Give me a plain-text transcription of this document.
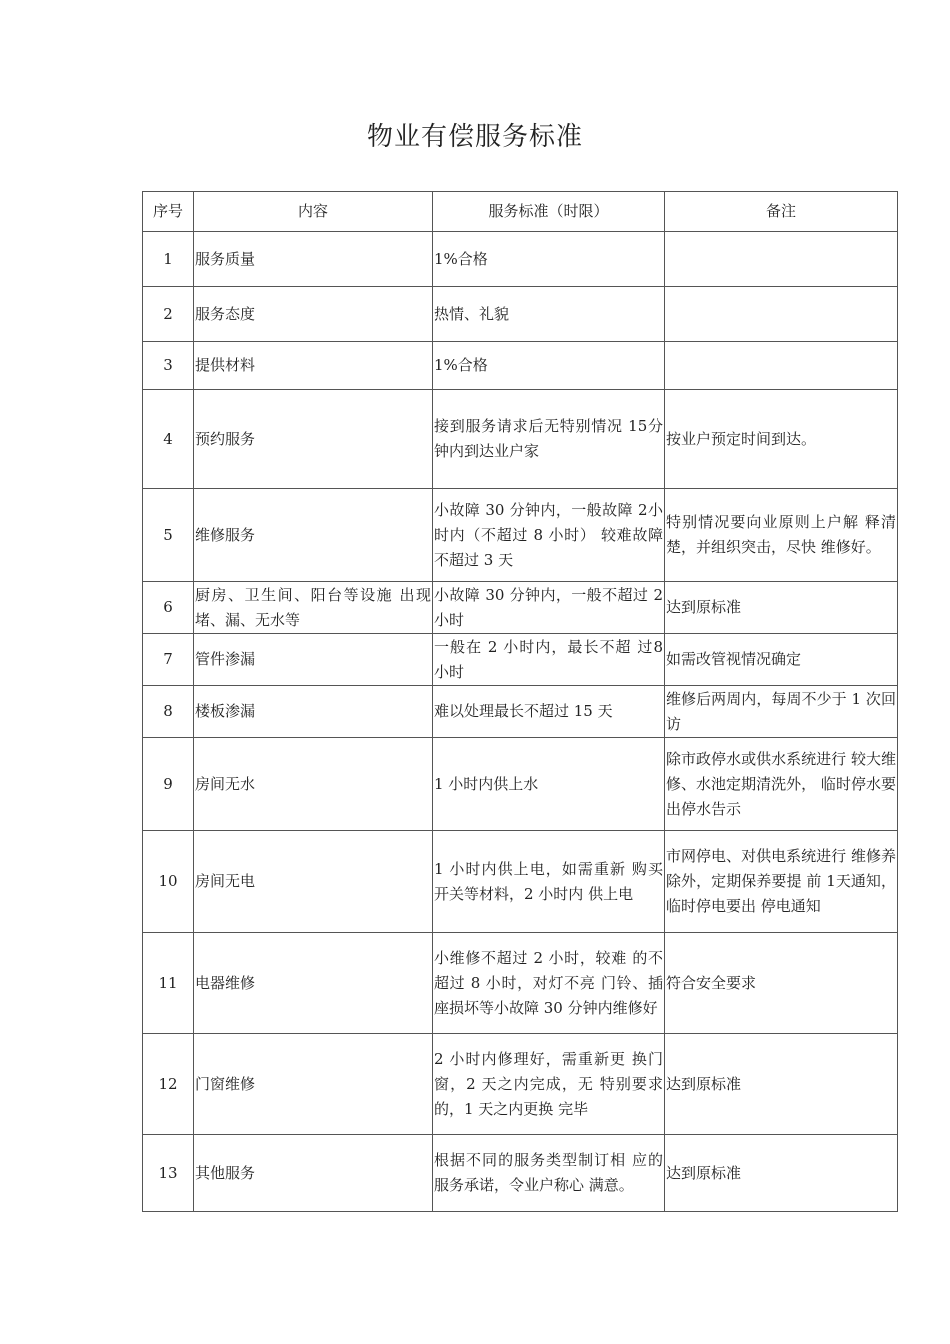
物业有偿服务标准
序号	内容	服务标准（时限）	备注
1	服务质量	1%合格	
2	服务态度	热情、礼貌	
3	提供材料	1%合格	
4	预约服务	接到服务请求后无特别情况 15分钟内到达业户家	按业户预定时间到达。
5	维修服务	小故障 30 分钟内，一般故障 2小时内（不超过 8 小时） 较难故障不超过 3 天	特别情况要向业原则上户解 释清楚，并组织突击，尽快 维修好。
6	厨房、卫生间、阳台等设施 出现堵、漏、无水等	小故障 30 分钟内，一般不超过 2 小时	达到原标准
7	管件渗漏	一般在 2 小时内，最长不超 过8 小时	如需改管视情况确定
8	楼板渗漏	难以处理最长不超过 15 天	维修后两周内，每周不少于 1 次回访
9	房间无水	1 小时内供上水	除市政停水或供水系统进行 较大维修、水池定期清洗外， 临时停水要出停水告示
10	房间无电	1 小时内供上电，如需重新 购买开关等材料，2 小时内 供上电	市网停电、对供电系统进行 维修养除外，定期保养要提 前 1天通知，临时停电要出 停电通知
11	电器维修	小维修不超过 2 小时，较难 的不超过 8 小时，对灯不亮 门铃、插座损坏等小故障 30 分钟内维修好	符合安全要求
12	门窗维修	2 小时内修理好，需重新更 换门窗，2 天之内完成，无 特别要求的，1 天之内更换 完毕	达到原标准
13	其他服务	根据不同的服务类型制订相 应的服务承诺，令业户称心 满意。	达到原标准
